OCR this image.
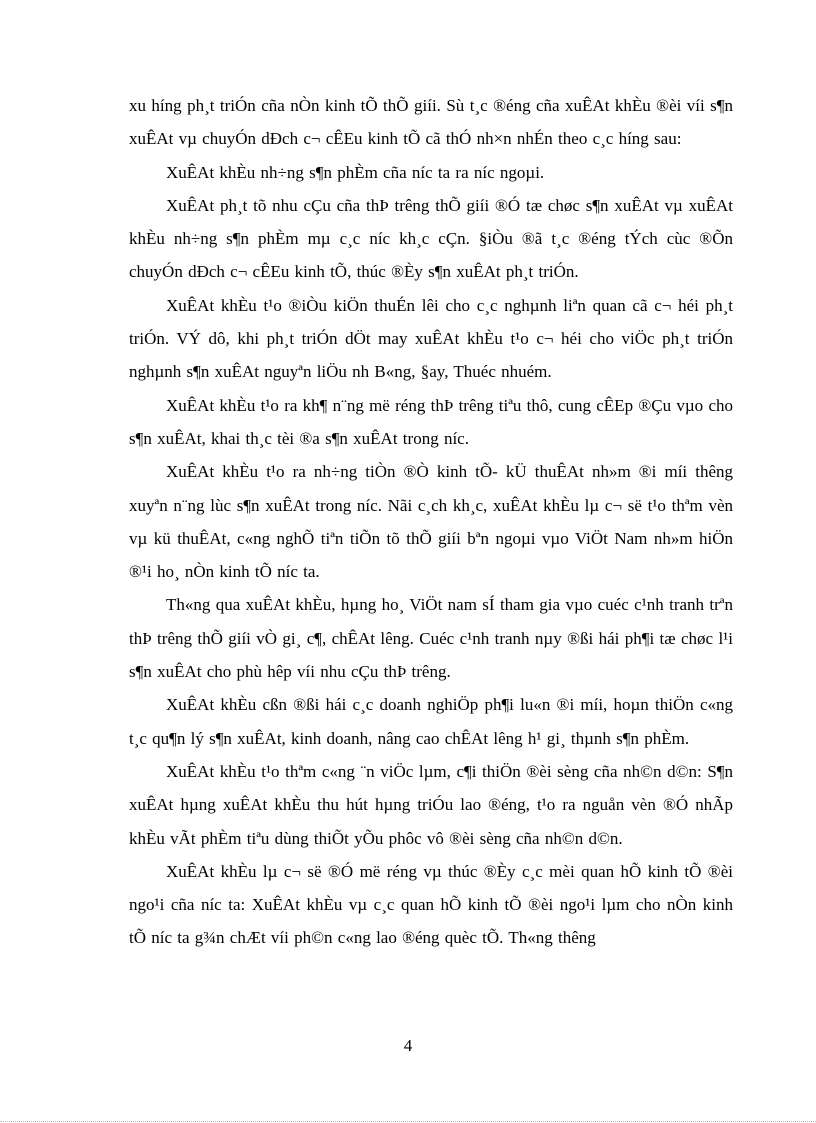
xu híng ph¸t triÓn cña nÒn kinh tÕ thÕ giíi. Sù t¸c ®éng cña xuÊAt khÈu ®èi víi s¶n xuÊAt vµ chuyÓn dÐch c¬ cÊEu kinh tÕ cã thÓ nh×n nhÉn theo c¸c híng sau:

XuÊAt khÈu nh÷ng s¶n phÈm cña níc ta ra níc ngoµi.

XuÊAt ph¸t tõ nhu cÇu cña thÞ trêng thÕ giíi ®Ó tæ chøc s¶n xuÊAt vµ xuÊAt khÈu nh÷ng s¶n phÈm mµ c¸c níc kh¸c cÇn. §iÒu ®ã t¸c ®éng tÝch cùc ®Õn chuyÓn dÐch c¬ cÊEu kinh tÕ, thúc ®Èy s¶n xuÊAt ph¸t triÓn.

XuÊAt khÈu t¹o ®iÒu kiÖn thuÉn lêi cho c¸c nghµnh liªn quan cã c¬ héi ph¸t triÓn. VÝ dô, khi ph¸t triÓn dÖt may xuÊAt khÈu t¹o c¬ héi cho viÖc ph¸t triÓn nghµnh s¶n xuÊAt nguyªn liÖu nh B«ng, §ay, Thuéc nhuém.

XuÊAt khÈu t¹o ra kh¶ n¨ng më réng thÞ trêng tiªu thô, cung cÊEp ®Çu vµo cho s¶n xuÊAt, khai th¸c tèi ®a s¶n xuÊAt trong níc.

XuÊAt khÈu t¹o ra nh÷ng tiÒn ®Ò kinh tÕ- kÜ thuÊAt nh»m ®i míi thêng xuyªn n¨ng lùc s¶n xuÊAt trong níc. Nãi c¸ch kh¸c, xuÊAt khÈu lµ c¬ së t¹o thªm vèn vµ kü thuÊAt, c«ng nghÕ tiªn tiÕn tõ thÕ giíi bªn ngoµi vµo ViÖt Nam nh»m hiÖn ®¹i ho¸ nÒn kinh tÕ níc ta.

Th«ng qua xuÊAt khÈu, hµng ho¸ ViÖt nam sÍ tham gia vµo cuéc c¹nh tranh trªn thÞ trêng thÕ giíi vÒ gi¸ c¶, chÊAt lêng. Cuéc c¹nh tranh nµy ®ßi hái ph¶i tæ chøc l¹i s¶n xuÊAt cho phù hêp víi nhu cÇu thÞ trêng.

XuÊAt khÈu cßn ®ßi hái c¸c doanh nghiÖp ph¶i lu«n ®i míi, hoµn thiÖn c«ng t¸c qu¶n lý s¶n xuÊAt, kinh doanh, nâng cao chÊAt lêng h¹ gi¸ thµnh s¶n phÈm.

XuÊAt khÈu t¹o thªm c«ng ¨n viÖc lµm, c¶i thiÖn ®èi sèng cña nh©n d©n: S¶n xuÊAt hµng xuÊAt khÈu thu hút hµng triÓu lao ®éng, t¹o ra nguån vèn ®Ó nhÃp khÈu vÃt phÈm tiªu dùng thiÕt yÕu phôc vô ®èi sèng cña nh©n d©n.

XuÊAt khÈu lµ c¬ së ®Ó më réng vµ thúc ®Èy c¸c mèi quan hÕ kinh tÕ ®èi ngo¹i cña níc ta: XuÊAt khÈu vµ c¸c quan hÕ kinh tÕ ®èi ngo¹i lµm cho nÒn kinh tÕ níc ta g¾n chÆt víi ph©n c«ng lao ®éng quèc tÕ. Th«ng thêng

4
